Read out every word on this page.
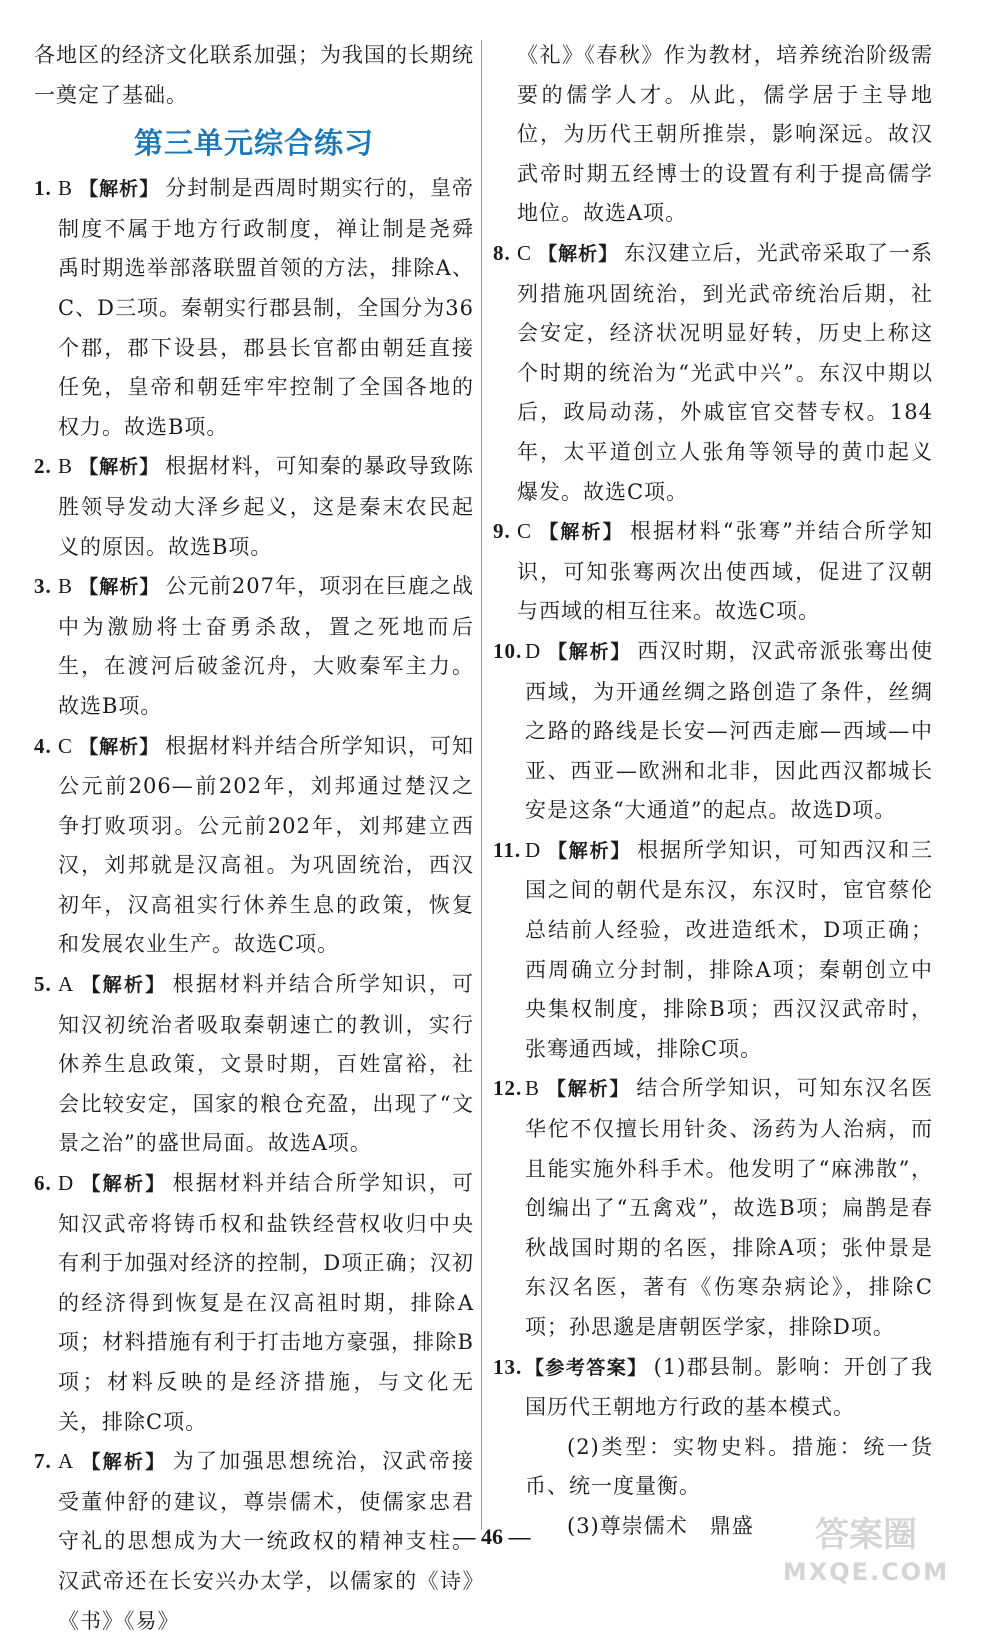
各地区的经济文化联系加强；为我国的长期统一奠定了基础。

第三单元综合练习
1. B 【解析】 分封制是西周时期实行的，皇帝制度不属于地方行政制度，禅让制是尧舜禹时期选举部落联盟首领的方法，排除A、C、D三项。秦朝实行郡县制，全国分为36个郡，郡下设县，郡县长官都由朝廷直接任免，皇帝和朝廷牢牢控制了全国各地的权力。故选B项。
2. B 【解析】 根据材料，可知秦的暴政导致陈胜领导发动大泽乡起义，这是秦末农民起义的原因。故选B项。
3. B 【解析】 公元前207年，项羽在巨鹿之战中为激励将士奋勇杀敌，置之死地而后生，在渡河后破釜沉舟，大败秦军主力。故选B项。
4. C 【解析】 根据材料并结合所学知识，可知公元前206—前202年，刘邦通过楚汉之争打败项羽。公元前202年，刘邦建立西汉，刘邦就是汉高祖。为巩固统治，西汉初年，汉高祖实行休养生息的政策，恢复和发展农业生产。故选C项。
5. A 【解析】 根据材料并结合所学知识，可知汉初统治者吸取秦朝速亡的教训，实行休养生息政策，文景时期，百姓富裕，社会比较安定，国家的粮仓充盈，出现了“文景之治”的盛世局面。故选A项。
6. D 【解析】 根据材料并结合所学知识，可知汉武帝将铸币权和盐铁经营权收归中央有利于加强对经济的控制，D项正确；汉初的经济得到恢复是在汉高祖时期，排除A项；材料措施有利于打击地方豪强，排除B项；材料反映的是经济措施，与文化无关，排除C项。
7. A 【解析】 为了加强思想统治，汉武帝接受董仲舒的建议，尊崇儒术，使儒家忠君守礼的思想成为大一统政权的精神支柱。汉武帝还在长安兴办太学，以儒家的《诗》《书》《易》
《礼》《春秋》作为教材，培养统治阶级需要的儒学人才。从此，儒学居于主导地位，为历代王朝所推崇，影响深远。故汉武帝时期五经博士的设置有利于提高儒学地位。故选A项。
8. C 【解析】 东汉建立后，光武帝采取了一系列措施巩固统治，到光武帝统治后期，社会安定，经济状况明显好转，历史上称这个时期的统治为“光武中兴”。东汉中期以后，政局动荡，外戚宦官交替专权。184年，太平道创立人张角等领导的黄巾起义爆发。故选C项。
9. C 【解析】 根据材料“张骞”并结合所学知识，可知张骞两次出使西域，促进了汉朝与西域的相互往来。故选C项。
10. D 【解析】 西汉时期，汉武帝派张骞出使西域，为开通丝绸之路创造了条件，丝绸之路的路线是长安—河西走廊—西域—中亚、西亚—欧洲和北非，因此西汉都城长安是这条“大通道”的起点。故选D项。
11. D 【解析】 根据所学知识，可知西汉和三国之间的朝代是东汉，东汉时，宦官蔡伦总结前人经验，改进造纸术，D项正确；西周确立分封制，排除A项；秦朝创立中央集权制度，排除B项；西汉汉武帝时，张骞通西域，排除C项。
12. B 【解析】 结合所学知识，可知东汉名医华佗不仅擅长用针灸、汤药为人治病，而且能实施外科手术。他发明了“麻沸散”，创编出了“五禽戏”，故选B项；扁鹊是春秋战国时期的名医，排除A项；张仲景是东汉名医，著有《伤寒杂病论》，排除C项；孙思邈是唐朝医学家，排除D项。
13. 【参考答案】 (1)郡县制。影响：开创了我国历代王朝地方行政的基本模式。

(2)类型：实物史料。措施：统一货币、统一度量衡。

(3)尊崇儒术　鼎盛

— 46 —	答案圈
MXQE.COM
